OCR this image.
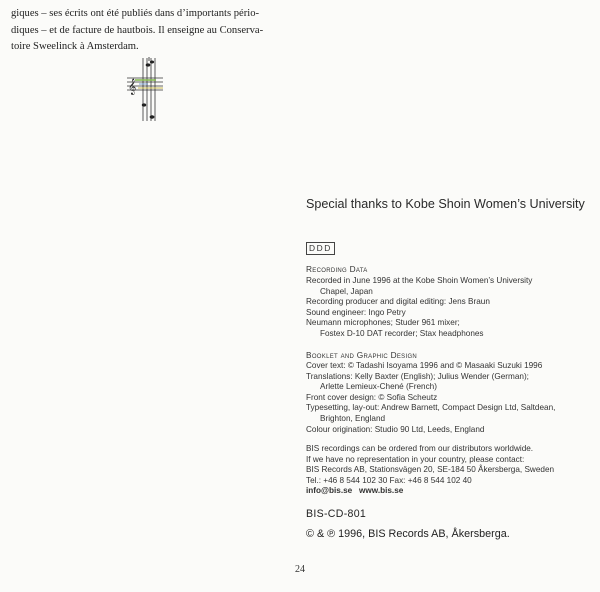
giques – ses écrits ont été publiés dans d’importants pério-
diques – et de facture de hautbois. Il enseigne au Conserva-
toire Sweelinck à Amsterdam.
𝄞
Special thanks to Kobe Shoin Women’s University
DDD
Recording Data
Recorded in June 1996 at the Kobe Shoin Women’s University
Chapel, Japan
Recording producer and digital editing: Jens Braun
Sound engineer: Ingo Petry
Neumann microphones; Studer 961 mixer;
Fostex D-10 DAT recorder; Stax headphones
Booklet and Graphic Design
Cover text: © Tadashi Isoyama 1996 and © Masaaki Suzuki 1996
Translations: Kelly Baxter (English); Julius Wender (German);
Arlette Lemieux-Chené (French)
Front cover design: © Sofia Scheutz
Typesetting, lay-out: Andrew Barnett, Compact Design Ltd, Saltdean,
Brighton, England
Colour origination: Studio 90 Ltd, Leeds, England
BIS recordings can be ordered from our distributors worldwide.
If we have no representation in your country, please contact:
BIS Records AB, Stationsvägen 20, SE-184 50 Åkersberga, Sweden
Tel.: +46 8 544 102 30 Fax: +46 8 544 102 40
info@bis.se www.bis.se
BIS-CD-801
© & ℗ 1996, BIS Records AB, Åkersberga.
24
